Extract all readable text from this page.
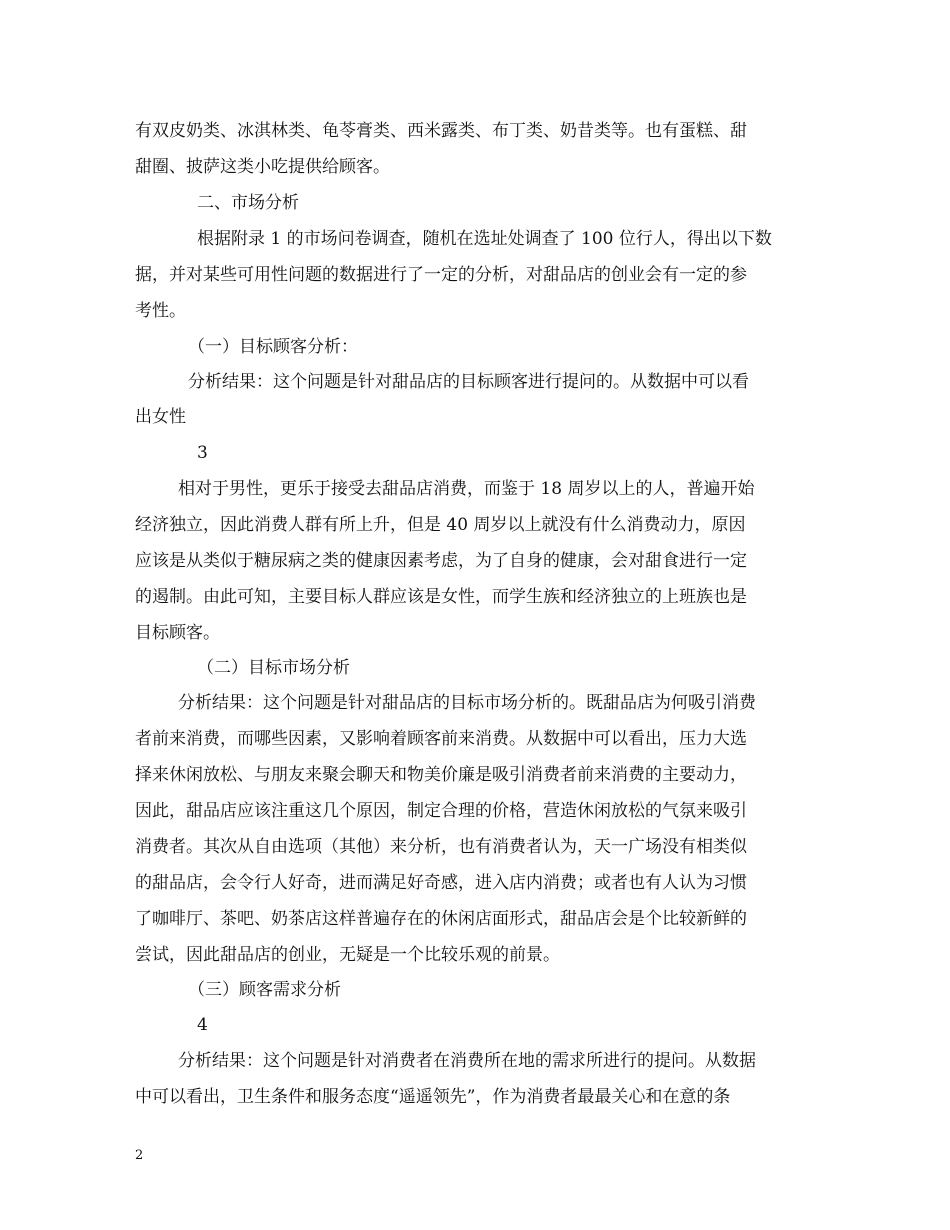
有双皮奶类、冰淇林类、龟苓膏类、西米露类、布丁类、奶昔类等。也有蛋糕、甜
甜圈、披萨这类小吃提供给顾客。
二、市场分析
根据附录 1 的市场问卷调查，随机在选址处调查了 100 位行人，得出以下数
据，并对某些可用性问题的数据进行了一定的分析，对甜品店的创业会有一定的参
考性。
（一）目标顾客分析：
分析结果：这个问题是针对甜品店的目标顾客进行提问的。从数据中可以看
出女性
3
相对于男性，更乐于接受去甜品店消费，而鉴于 18 周岁以上的人，普遍开始
经济独立，因此消费人群有所上升，但是 40 周岁以上就没有什么消费动力，原因
应该是从类似于糖尿病之类的健康因素考虑，为了自身的健康，会对甜食进行一定
的遏制。由此可知，主要目标人群应该是女性，而学生族和经济独立的上班族也是
目标顾客。
（二）目标市场分析
分析结果：这个问题是针对甜品店的目标市场分析的。既甜品店为何吸引消费
者前来消费，而哪些因素，又影响着顾客前来消费。从数据中可以看出，压力大选
择来休闲放松、与朋友来聚会聊天和物美价廉是吸引消费者前来消费的主要动力，
因此，甜品店应该注重这几个原因，制定合理的价格，营造休闲放松的气氛来吸引
消费者。其次从自由选项（其他）来分析，也有消费者认为，天一广场没有相类似
的甜品店，会令行人好奇，进而满足好奇感，进入店内消费；或者也有人认为习惯
了咖啡厅、茶吧、奶茶店这样普遍存在的休闲店面形式，甜品店会是个比较新鲜的
尝试，因此甜品店的创业，无疑是一个比较乐观的前景。
（三）顾客需求分析
4
分析结果：这个问题是针对消费者在消费所在地的需求所进行的提问。从数据
中可以看出，卫生条件和服务态度“遥遥领先”，作为消费者最最关心和在意的条
2
